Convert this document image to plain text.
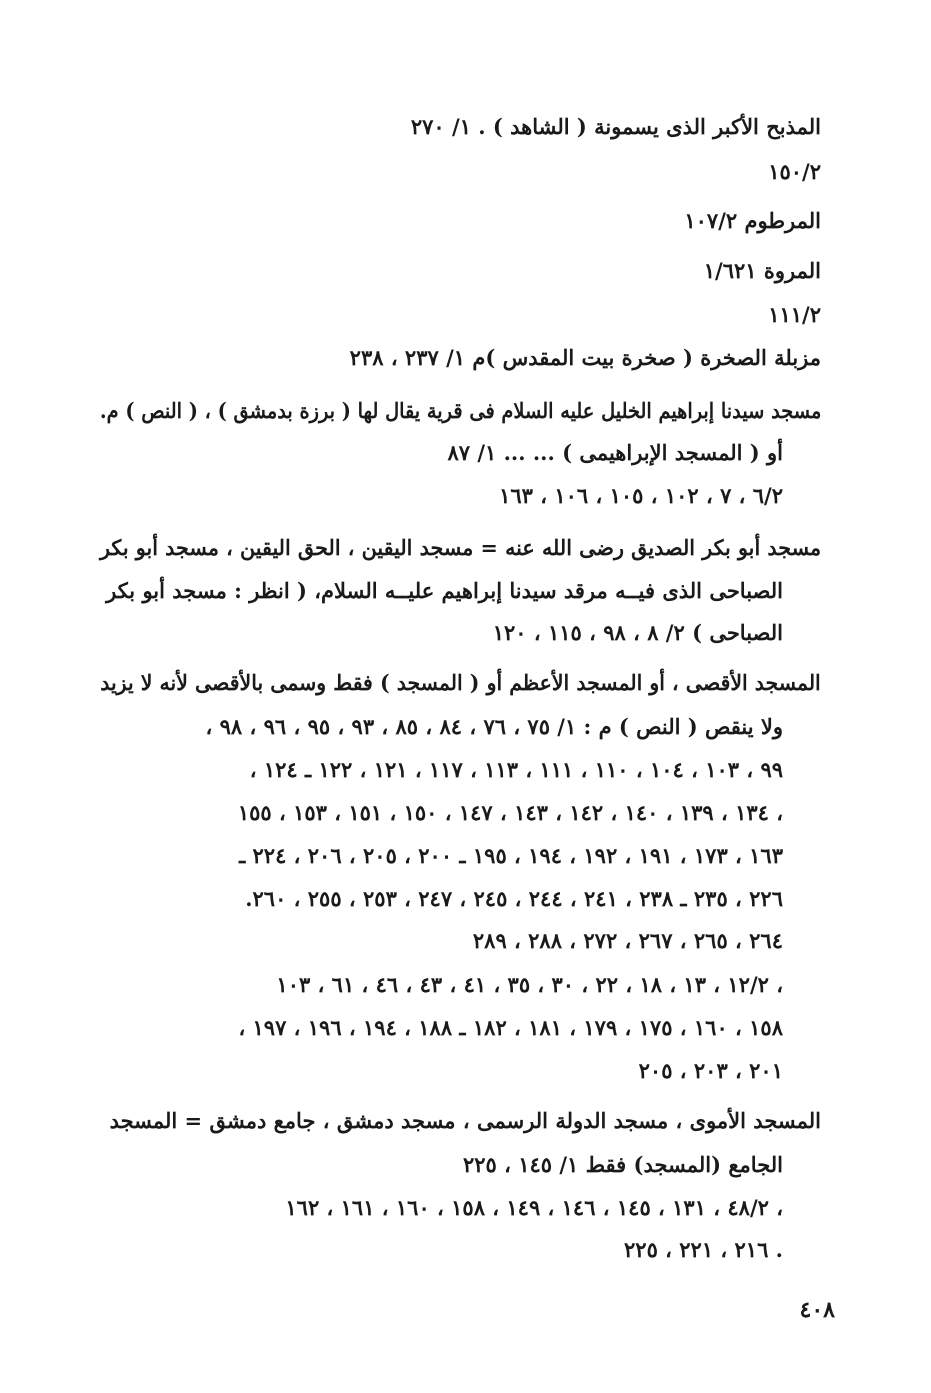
المذبح الأكبر الذى يسمونة ( الشاهد ) . ١/ ٢٧٠
١٥٠/٢
المرطوم ١٠٧/٢
المروة ١/٦٢١
١١١/٢
مزبلة الصخرة ( صخرة بيت المقدس )م ١/ ٢٣٧ ، ٢٣٨
مسجد سيدنا إبراهيم الخليل عليه السلام فى قرية يقال لها ( برزة بدمشق ) ، ( النص ) م.
أو ( المسجد الإبراهيمى ) ... ... ١/ ٨٧
٦/٢ ، ٧ ، ١٠٢ ، ١٠٥ ، ١٠٦ ، ١٦٣
مسجد أبو بكر الصديق رضى الله عنه = مسجد اليقين ، الحق اليقين ، مسجد أبو بكر
الصباحى الذى فيــه مرقد سيدنا إبراهيم عليــه السلام، ( انظر : مسجد أبو بكر
الصباحى ) ٢/ ٨ ، ٩٨ ، ١١٥ ، ١٢٠
المسجد الأقصى ، أو المسجد الأعظم أو ( المسجد ) فقط وسمى بالأقصى لأنه لا يزيد
ولا ينقص ( النص ) م : ١/ ٧٥ ، ٧٦ ، ٨٤ ، ٨٥ ، ٩٣ ، ٩٥ ، ٩٦ ، ٩٨ ،
٩٩ ، ١٠٣ ، ١٠٤ ، ١١٠ ، ١١١ ، ١١٣ ، ١١٧ ، ١٢١ ، ١٢٢ ـ ١٢٤ ،
١٣٤ ، ١٣٩ ، ١٤٠ ، ١٤٢ ، ١٤٣ ، ١٤٧ ، ١٥٠ ، ١٥١ ، ١٥٣ ، ١٥٥ ،
١٦٣ ، ١٧٣ ، ١٩١ ، ١٩٢ ، ١٩٤ ، ١٩٥ ـ ٢٠٠ ، ٢٠٥ ، ٢٠٦ ، ٢٢٤ ـ
٢٢٦ ، ٢٣٥ ـ ٢٣٨ ، ٢٤١ ، ٢٤٤ ، ٢٤٥ ، ٢٤٧ ، ٢٥٣ ، ٢٥٥ ، ٢٦٠.
٢٦٤ ، ٢٦٥ ، ٢٦٧ ، ٢٧٢ ، ٢٨٨ ، ٢٨٩
١٢/٢ ، ١٣ ، ١٨ ، ٢٢ ، ٣٠ ، ٣٥ ، ٤١ ، ٤٣ ، ٤٦ ، ٦١ ، ١٠٣ ،
١٥٨ ، ١٦٠ ، ١٧٥ ، ١٧٩ ، ١٨١ ، ١٨٢ ـ ١٨٨ ، ١٩٤ ، ١٩٦ ، ١٩٧ ،
٢٠١ ، ٢٠٣ ، ٢٠٥
المسجد الأموى ، مسجد الدولة الرسمى ، مسجد دمشق ، جامع دمشق = المسجد
الجامع (المسجد) فقط ١/ ١٤٥ ، ٢٢٥
٤٨/٢ ، ١٣١ ، ١٤٥ ، ١٤٦ ، ١٤٩ ، ١٥٨ ، ١٦٠ ، ١٦١ ، ١٦٢ ،
٢١٦ ، ٢٢١ ، ٢٢٥ .
٤٠٨
